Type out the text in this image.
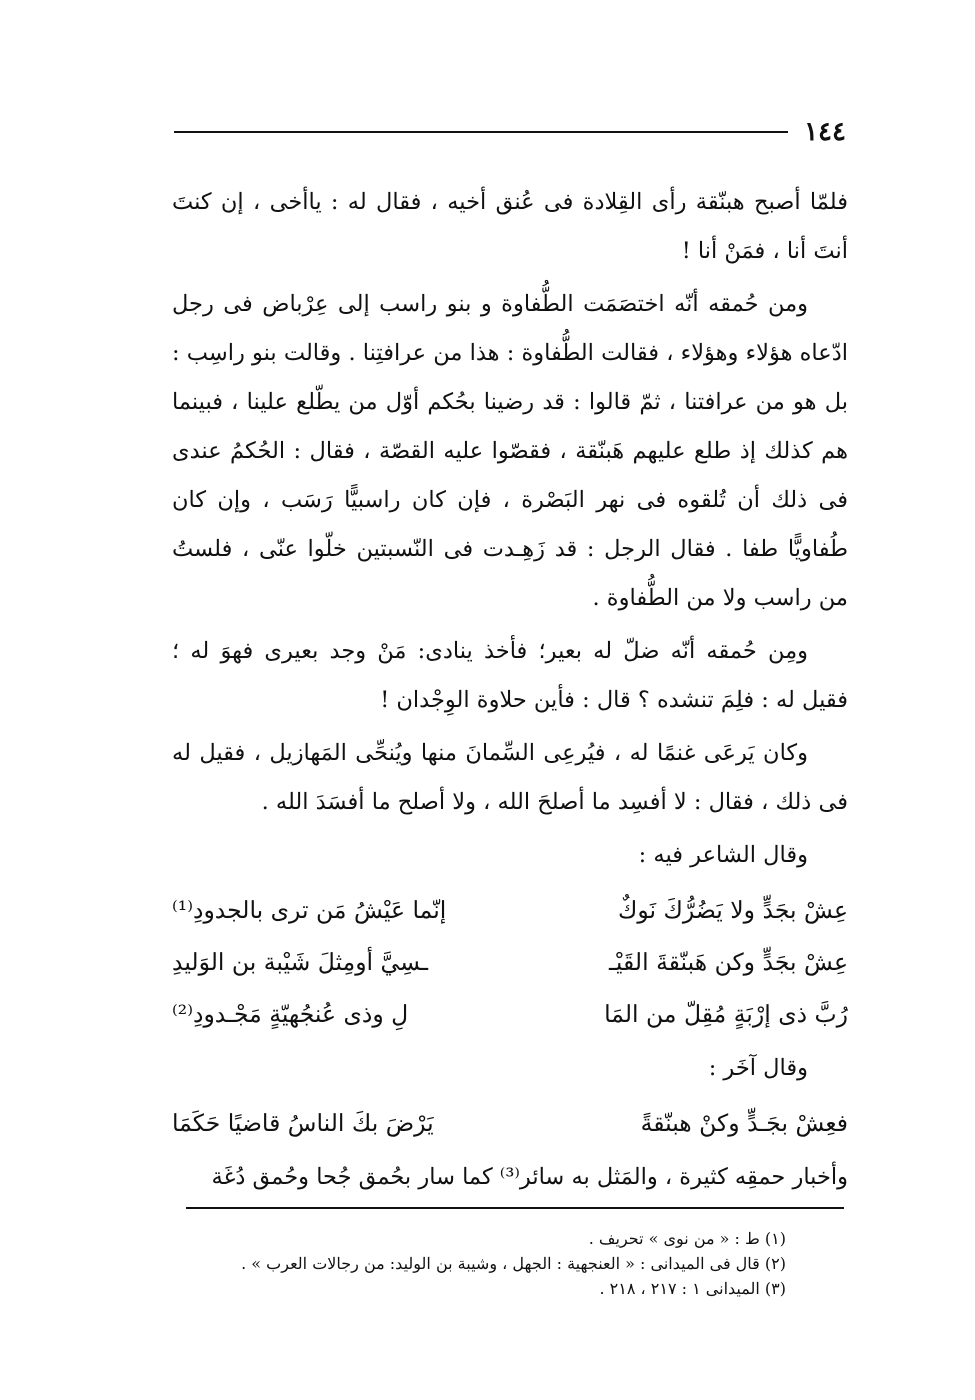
١٤٤

فلمّا أصبح هبنّقة رأى القِلادة فى عُنق أخيه ، فقال له : ياأخى ، إن كنتَ أنتَ أنا ، فمَنْ أنا !

ومن حُمقه أنّه اختصَمَت الطُّفاوة و بنو راسب إلى عِرْباض فى رجل ادّعاه هؤلاء وهؤلاء ، فقالت الطُّفاوة : هذا من عرافتِنا . وقالت بنو راسِب : بل هو من عرافتنا ، ثمّ قالوا : قد رضينا بحُكم أوّل من يطّلع علينا ، فبينما هم كذلك إذ طلع عليهم هَبنّقة ، فقصّوا عليه القصّة ، فقال : الحُكمُ عندى فى ذلك أن تُلقوه فى نهر البَصْرة ، فإن كان راسبيًّا رَسَب ، وإن كان طُفاويًّا طفا . فقال الرجل : قد زَهِـدت فى النّسبتين خلّوا عنّى ، فلستُ من راسب ولا من الطُّفاوة .

ومِن حُمقه أنّه ضلّ له بعير؛ فأخذ ينادى: مَنْ وجد بعيرى فهوَ له ؛ فقيل له : فلِمَ تنشده ؟ قال : فأين حلاوة الوِجْدان !

وكان يَرعَى غنمًا له ، فيُرعِى السِّمانَ منها ويُنحِّى المَهازيل ، فقيل له فى ذلك ، فقال : لا أفسِد ما أصلحَ الله ، ولا أصلح ما أفسَدَ الله .

وقال الشاعر فيه :

عِشْ بجَدٍّ ولا يَضُرُّكَ نَوكٌ
إنّما عَيْشُ مَن ترى بالجدودِ⁽¹⁾
عِشْ بجَدٍّ وكن هَبنّقةَ القَيْـ
ـسِيَّ أومِثلَ شَيْبة بن الوَليدِ
رُبَّ ذى إرْبَةٍ مُقِلّ من المَا
لِ وذى عُنجُهيّةٍ مَجْـدودِ⁽²⁾

وقال آخَر :

فعِشْ بجَـدٍّ وكنْ هبنّقةً
يَرْضَ بكَ الناسُ قاضيًا حَكَمَا

وأخبار حمقِه كثيرة ، والمَثل به سائر⁽³⁾ كما سار بحُمق جُحا وحُمق دُغَة

(١) ط : « من نوى » تحريف .
(٢) قال فى الميدانى : « العنجهية : الجهل ، وشيبة بن الوليد: من رجالات العرب » .
(٣) الميدانى ١ : ٢١٧ ، ٢١٨ .
